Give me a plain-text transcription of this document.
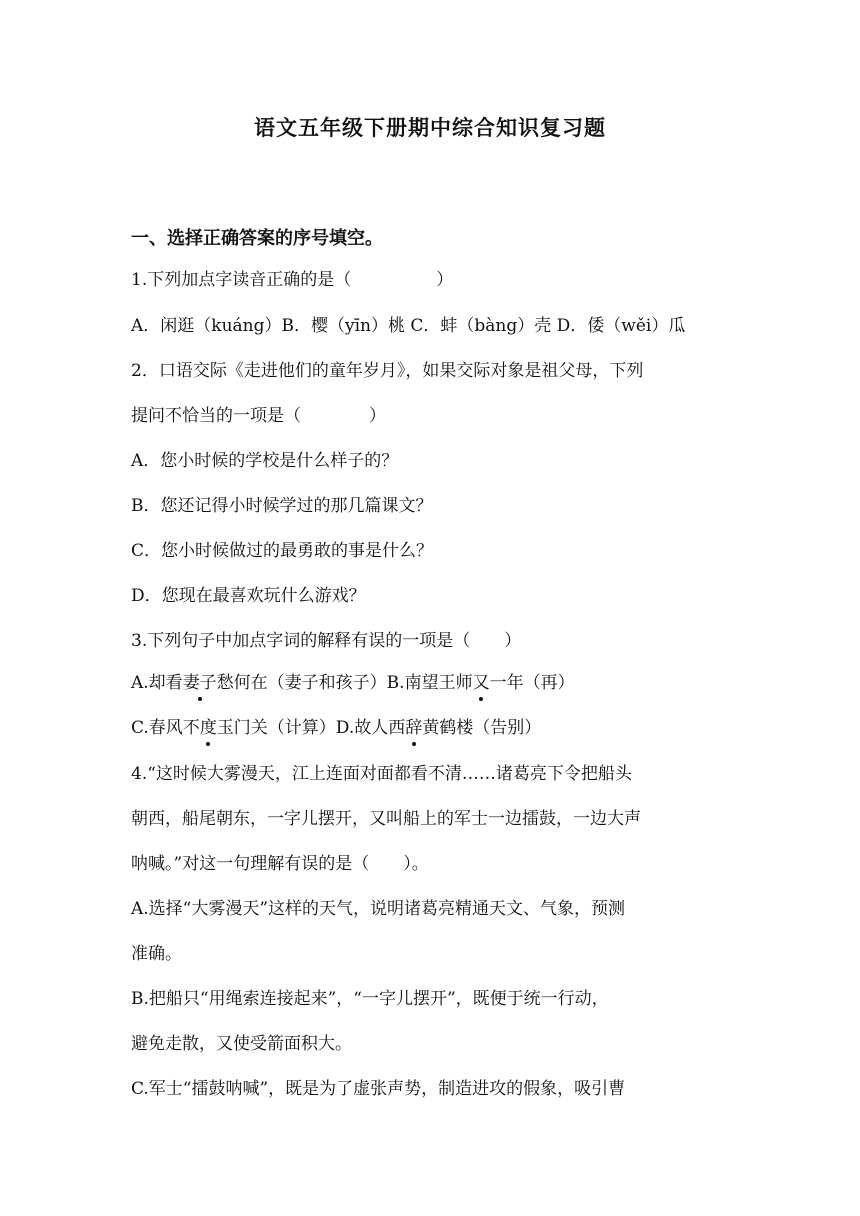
语文五年级下册期中综合知识复习题
一、选择正确答案的序号填空。
1.下列加点字读音正确的是（　　　　　）
A．闲逛（kuáng）B．樱（yīn）桃 C．蚌（bàng）壳 D．倭（wěi）瓜
2．口语交际《走进他们的童年岁月》，如果交际对象是祖父母，下列
提问不恰当的一项是（　　　　）
A．您小时候的学校是什么样子的？
B．您还记得小时候学过的那几篇课文？
C．您小时候做过的最勇敢的事是什么？
D．您现在最喜欢玩什么游戏？
3.下列句子中加点字词的解释有误的一项是（　　）
A.却看妻子愁何在（妻子和孩子）B.南望王师又一年（再）
C.春风不度玉门关（计算）D.故人西辞黄鹤楼（告别）
4.“这时候大雾漫天，江上连面对面都看不清……诸葛亮下令把船头
朝西，船尾朝东，一字儿摆开，又叫船上的军士一边擂鼓，一边大声
呐喊。”对这一句理解有误的是（　　）。
A.选择“大雾漫天”这样的天气，说明诸葛亮精通天文、气象，预测
准确。
B.把船只“用绳索连接起来”，“一字儿摆开”，既便于统一行动，
避免走散，又使受箭面积大。
C.军士“擂鼓呐喊”，既是为了虚张声势，制造进攻的假象，吸引曹
